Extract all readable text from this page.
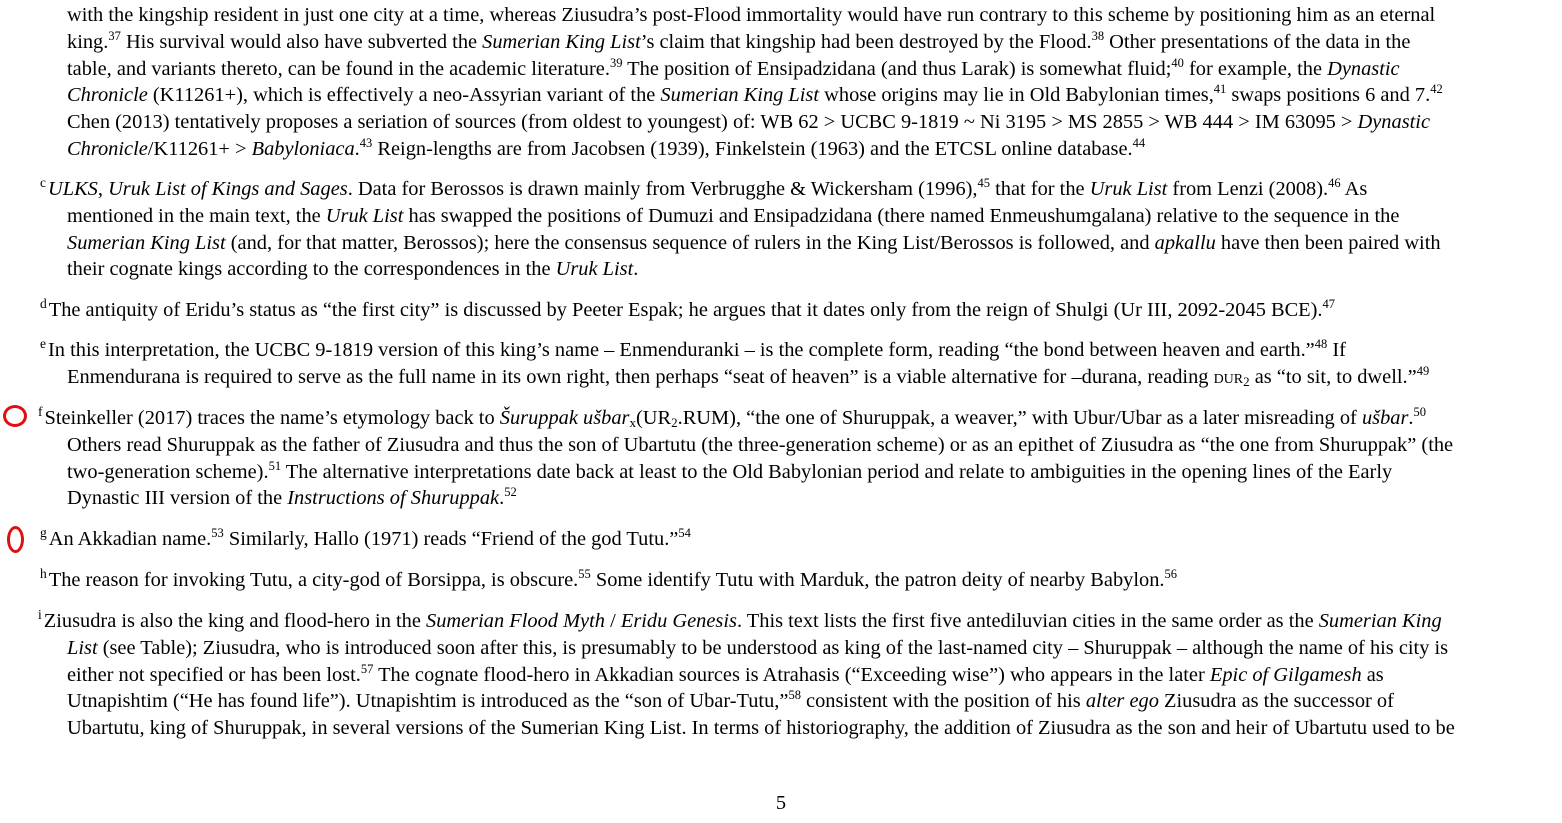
with the kingship resident in just one city at a time, whereas Ziusudra’s post-Flood immortality would have run contrary to this scheme by positioning him as an eternal
king.$^{37}$ His survival would also have subverted the Sumerian King List’s claim that kingship had been destroyed by the Flood.$^{38}$ Other presentations of the data in the
table, and variants thereto, can be found in the academic literature.$^{39}$ The position of Ensipadzidana (and thus Larak) is somewhat fluid;$^{40}$ for example, the Dynastic
Chronicle (K11261+), which is effectively a neo-Assyrian variant of the Sumerian King List whose origins may lie in Old Babylonian times,$^{41}$ swaps positions 6 and 7.42
Chen (2013) tentatively proposes a seriation of sources (from oldest to youngest) of: WB 62 > UCBC 9-1819 ~ Ni 3195 > MS 2855 > WB 444 > IM 63095 > Dynastic
Chronicle/K11261+ > Babyloniaca.$^{43}$ Reign-lengths are from Jacobsen (1939), Finkelstein (1963) and the ETCSL online database.$^{44}$
$^c$ULKS, Uruk List of Kings and Sages. Data for Berossos is drawn mainly from Verbrugghe & Wickersham (1996),$^{45}$ that for the Uruk List from Lenzi (2008).$^{46}$ As
mentioned in the main text, the Uruk List has swapped the positions of Dumuzi and Ensipadzidana (there named Enmeushumgalana) relative to the sequence in the
Sumerian King List (and, for that matter, Berossos); here the consensus sequence of rulers in the King List/Berossos is followed, and apkallu have then been paired with
their cognate kings according to the correspondences in the Uruk List.
$^d$The antiquity of Eridu’s status as “the first city” is discussed by Peeter Espak; he argues that it dates only from the reign of Shulgi (Ur III, 2092-2045 BCE).$^{47}$
$^e$In this interpretation, the UCBC 9-1819 version of this king’s name – Enmenduranki – is the complete form, reading “the bond between heaven and earth.”$^{48}$ If
Enmendurana is required to serve as the full name in its own right, then perhaps “seat of heaven” is a viable alternative for –durana, reading dur$_2$ as “to sit, to dwell.”$^{49}$
$^f$Steinkeller (2017) traces the name’s etymology back to Šuruppak $ušbar_x(UR_2.RUM)$, “the one of Shuruppak, a weaver,” with Ubur/Ubar as a later misreading of ušbar.$^{50}$
Others read Shuruppak as the father of Ziusudra and thus the son of Ubartutu (the three-generation scheme) or as an epithet of Ziusudra as “the one from Shuruppak” (the
two-generation scheme).$^{51}$ The alternative interpretations date back at least to the Old Babylonian period and relate to ambiguities in the opening lines of the Early
Dynastic III version of the Instructions of Shuruppak.$^{52}$
$^g$An Akkadian name.$^{53}$ Similarly, Hallo (1971) reads “Friend of the god Tutu.”$^{54}$
$^h$The reason for invoking Tutu, a city-god of Borsippa, is obscure.$^{55}$ Some identify Tutu with Marduk, the patron deity of nearby Babylon.$^{56}$
$^i$Ziusudra is also the king and flood-hero in the Sumerian Flood Myth / Eridu Genesis. This text lists the first five antediluvian cities in the same order as the Sumerian King
List (see Table); Ziusudra, who is introduced soon after this, is presumably to be understood as king of the last-named city – Shuruppak – although the name of his city is
either not specified or has been lost.$^{57}$ The cognate flood-hero in Akkadian sources is Atrahasis (“Exceeding wise”) who appears in the later Epic of Gilgamesh as
Utnapishtim (“He has found life”). Utnapishtim is introduced as the “son of Ubar-Tutu,”$^{58}$ consistent with the position of his alter ego Ziusudra as the successor of
Ubartutu, king of Shuruppak, in several versions of the Sumerian King List. In terms of historiography, the addition of Ziusudra as the son and heir of Ubartutu used to be
5
